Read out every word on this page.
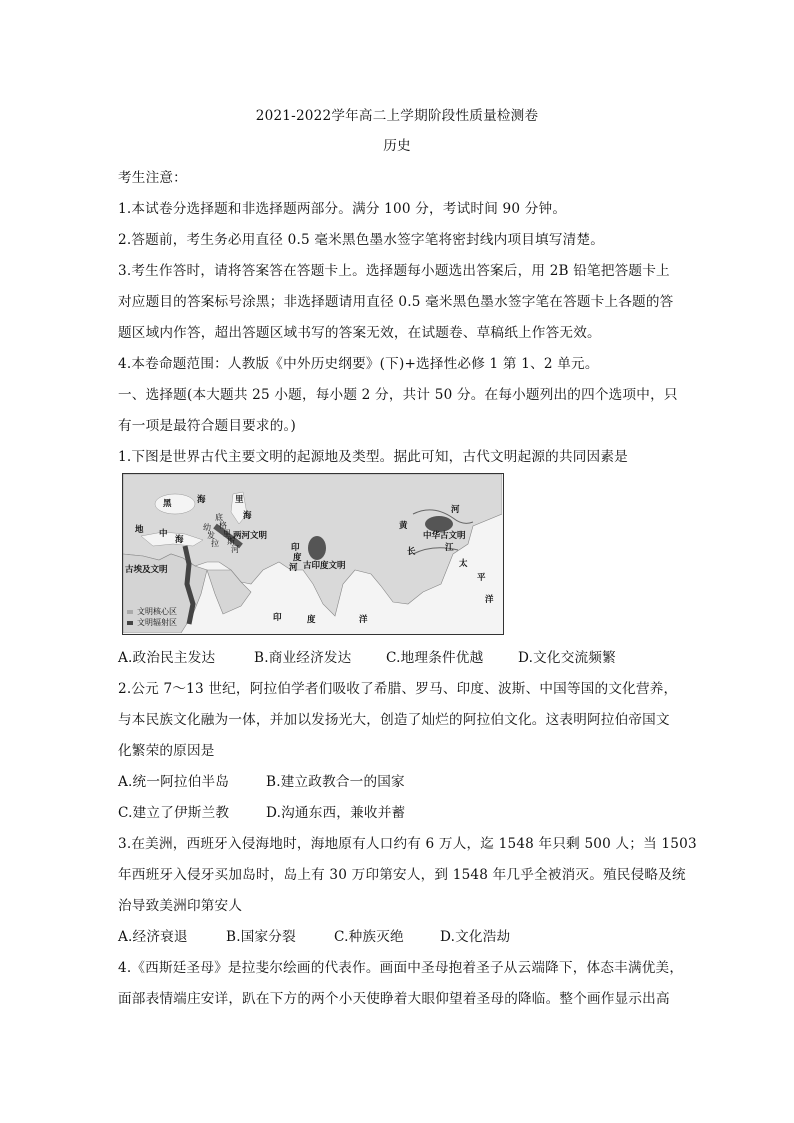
2021-2022学年高二上学期阶段性质量检测卷
历史
考生注意：
1.本试卷分选择题和非选择题两部分。满分 100 分，考试时间 90 分钟。
2.答题前，考生务必用直径 0.5 毫米黑色墨水签字笔将密封线内项目填写清楚。
3.考生作答时，请将答案答在答题卡上。选择题每小题选出答案后，用 2B 铅笔把答题卡上
对应题目的答案标号涂黑；非选择题请用直径 0.5 毫米黑色墨水签字笔在答题卡上各题的答
题区域内作答，超出答题区域书写的答案无效，在试题卷、草稿纸上作答无效。
4.本卷命题范围：人教版《中外历史纲要》(下)+选择性必修 1 第 1、2 单元。
一、选择题(本大题共 25 小题，每小题 2 分，共计 50 分。在每小题列出的四个选项中，只
有一项是最符合题目要求的。)
1.下图是世界古代主要文明的起源地及类型。据此可知，古代文明起源的共同因素是
黑	海	里
海
地 中
海
幼
发
拉
底
格
里
斯
河
两河文明
古埃及文明
印
度
河 古印度文明
黄
河
中华古文明
长	江
太
平
洋
印	度	洋
文明核心区
文明辐射区
A.政治民主发达	B.商业经济发达	C.地理条件优越	D.文化交流频繁
2.公元 7～13 世纪，阿拉伯学者们吸收了希腊、罗马、印度、波斯、中国等国的文化营养，
与本民族文化融为一体，并加以发扬光大，创造了灿烂的阿拉伯文化。这表明阿拉伯帝国文
化繁荣的原因是
A.统一阿拉伯半岛	B.建立政教合一的国家
C.建立了伊斯兰教	D.沟通东西，兼收并蓄
3.在美洲，西班牙入侵海地时，海地原有人口约有 6 万人，迄 1548 年只剩 500 人；当 1503
年西班牙入侵牙买加岛时，岛上有 30 万印第安人，到 1548 年几乎全被消灭。殖民侵略及统
治导致美洲印第安人
A.经济衰退	B.国家分裂	C.种族灭绝	D.文化浩劫
4.《西斯廷圣母》是拉斐尔绘画的代表作。画面中圣母抱着圣子从云端降下，体态丰满优美，
面部表情端庄安详，趴在下方的两个小天使睁着大眼仰望着圣母的降临。整个画作显示出高
